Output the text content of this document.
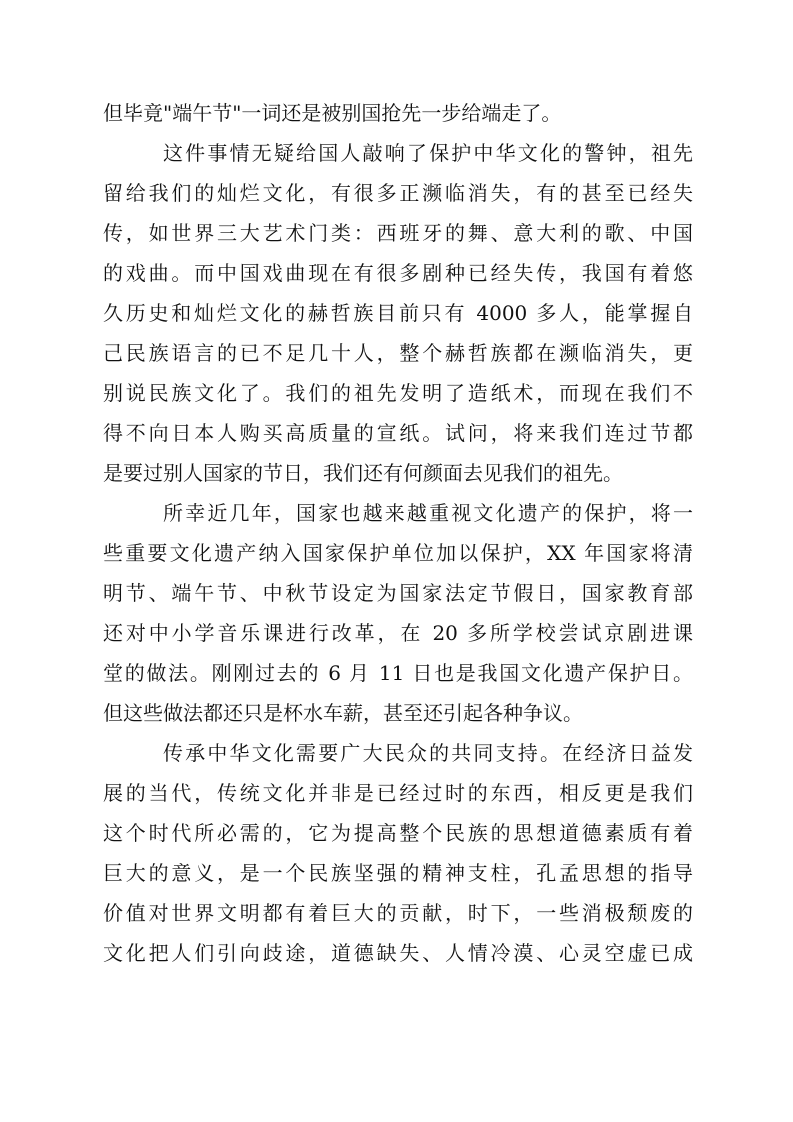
但毕竟"端午节"一词还是被别国抢先一步给端走了。
这件事情无疑给国人敲响了保护中华文化的警钟，祖先
留给我们的灿烂文化，有很多正濒临消失，有的甚至已经失
传，如世界三大艺术门类：西班牙的舞、意大利的歌、中国
的戏曲。而中国戏曲现在有很多剧种已经失传，我国有着悠
久历史和灿烂文化的赫哲族目前只有 4000 多人，能掌握自
己民族语言的已不足几十人，整个赫哲族都在濒临消失，更
别说民族文化了。我们的祖先发明了造纸术，而现在我们不
得不向日本人购买高质量的宣纸。试问，将来我们连过节都
是要过别人国家的节日，我们还有何颜面去见我们的祖先。
所幸近几年，国家也越来越重视文化遗产的保护，将一
些重要文化遗产纳入国家保护单位加以保护，XX 年国家将清
明节、端午节、中秋节设定为国家法定节假日，国家教育部
还对中小学音乐课进行改革，在 20 多所学校尝试京剧进课
堂的做法。刚刚过去的 6 月 11 日也是我国文化遗产保护日。
但这些做法都还只是杯水车薪，甚至还引起各种争议。
传承中华文化需要广大民众的共同支持。在经济日益发
展的当代，传统文化并非是已经过时的东西，相反更是我们
这个时代所必需的，它为提高整个民族的思想道德素质有着
巨大的意义，是一个民族坚强的精神支柱，孔孟思想的指导
价值对世界文明都有着巨大的贡献，时下，一些消极颓废的
文化把人们引向歧途，道德缺失、人情冷漠、心灵空虚已成
